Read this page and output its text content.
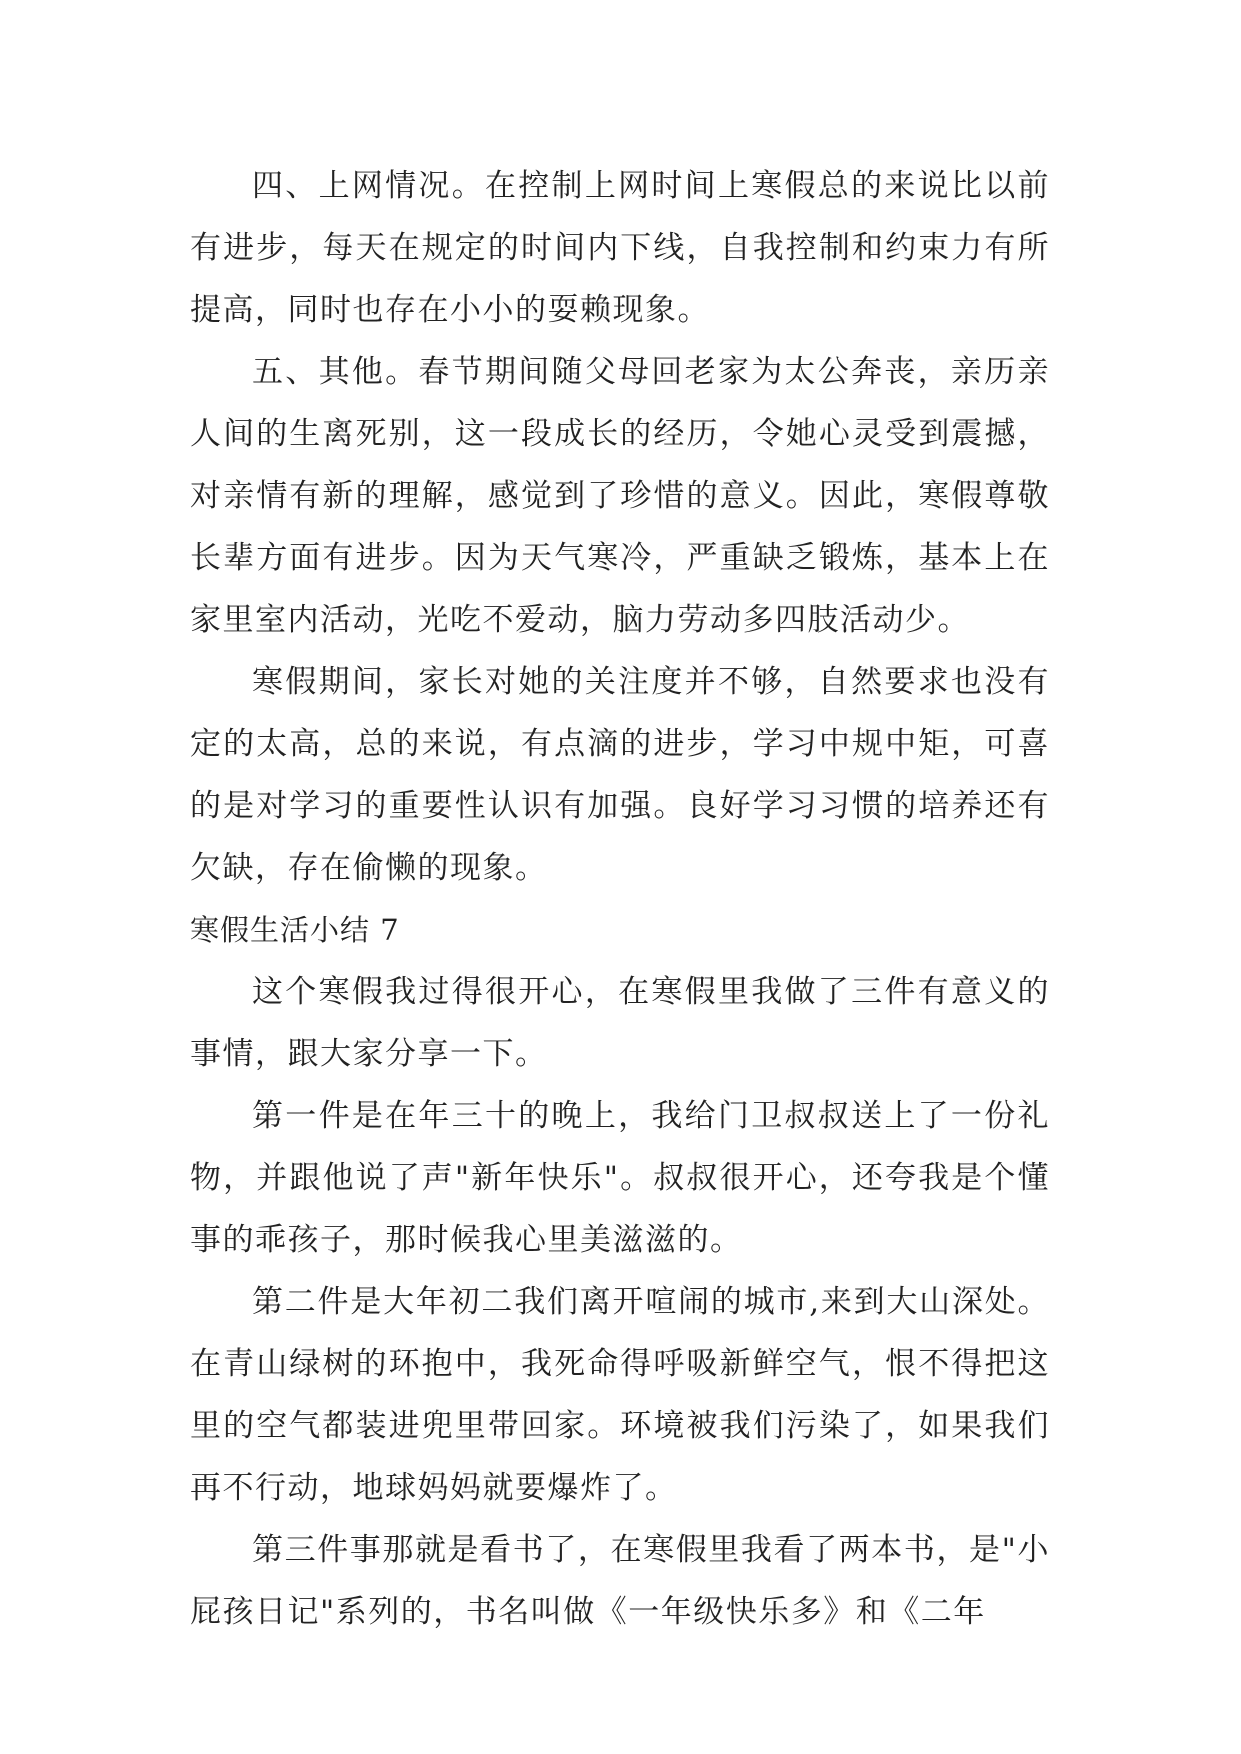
四、上网情况。在控制上网时间上寒假总的来说比以前有进步，每天在规定的时间内下线，自我控制和约束力有所提高，同时也存在小小的耍赖现象。

五、其他。春节期间随父母回老家为太公奔丧，亲历亲人间的生离死别，这一段成长的经历，令她心灵受到震撼，对亲情有新的理解，感觉到了珍惜的意义。因此，寒假尊敬长辈方面有进步。因为天气寒冷，严重缺乏锻炼，基本上在家里室内活动，光吃不爱动，脑力劳动多四肢活动少。

寒假期间，家长对她的关注度并不够，自然要求也没有定的太高，总的来说，有点滴的进步，学习中规中矩，可喜的是对学习的重要性认识有加强。良好学习习惯的培养还有欠缺，存在偷懒的现象。

寒假生活小结 7

这个寒假我过得很开心，在寒假里我做了三件有意义的事情，跟大家分享一下。

第一件是在年三十的晚上，我给门卫叔叔送上了一份礼物，并跟他说了声"新年快乐"。叔叔很开心，还夸我是个懂事的乖孩子，那时候我心里美滋滋的。

第二件是大年初二我们离开喧闹的城市,来到大山深处。在青山绿树的环抱中，我死命得呼吸新鲜空气，恨不得把这里的空气都装进兜里带回家。环境被我们污染了，如果我们再不行动，地球妈妈就要爆炸了。

第三件事那就是看书了，在寒假里我看了两本书，是"小屁孩日记"系列的，书名叫做《一年级快乐多》和《二年
